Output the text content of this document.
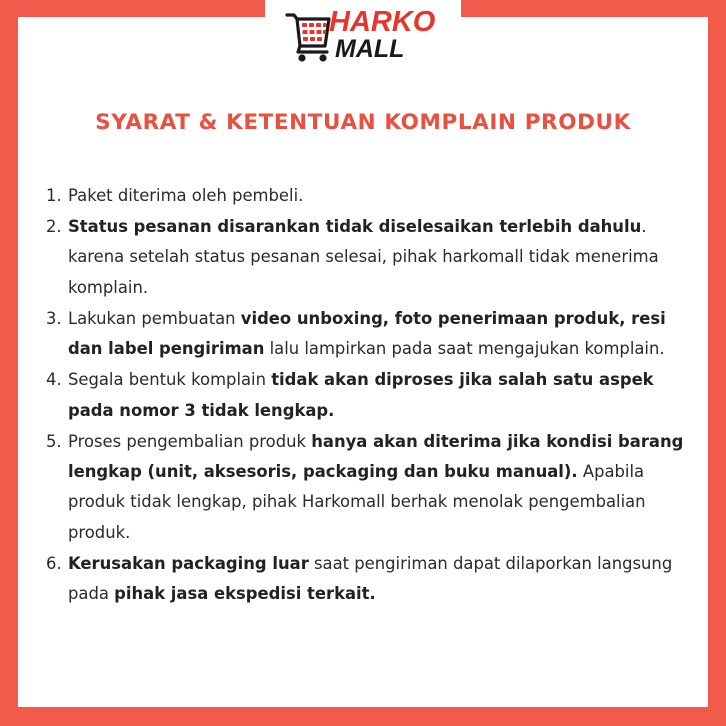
HARKO
MALL
SYARAT & KETENTUAN KOMPLAIN PRODUK
1. Paket diterima oleh pembeli.
2. Status pesanan disarankan tidak diselesaikan terlebih dahulu. karena setelah status pesanan selesai, pihak harkomall tidak menerima komplain.
3. Lakukan pembuatan video unboxing, foto penerimaan produk, resi dan label pengiriman lalu lampirkan pada saat mengajukan komplain.
4. Segala bentuk komplain tidak akan diproses jika salah satu aspek pada nomor 3 tidak lengkap.
5. Proses pengembalian produk hanya akan diterima jika kondisi barang lengkap (unit, aksesoris, packaging dan buku manual). Apabila produk tidak lengkap, pihak Harkomall berhak menolak pengembalian produk.
6. Kerusakan packaging luar saat pengiriman dapat dilaporkan langsung pada pihak jasa ekspedisi terkait.
